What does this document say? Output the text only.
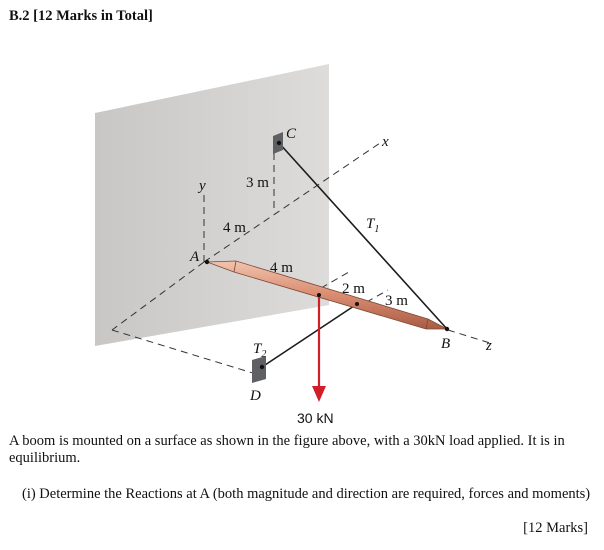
B.2 [12 Marks in Total]
A
B
C
D
x
y
z
3 m
4 m
4 m
2 m
3 m
$T_1$
$T_2$
30 kN

A boom is mounted on a surface as shown in the figure above, with a 30kN load applied. It is in equilibrium.

(i) Determine the Reactions at A (both magnitude and direction are required, forces and moments)

[12 Marks]
